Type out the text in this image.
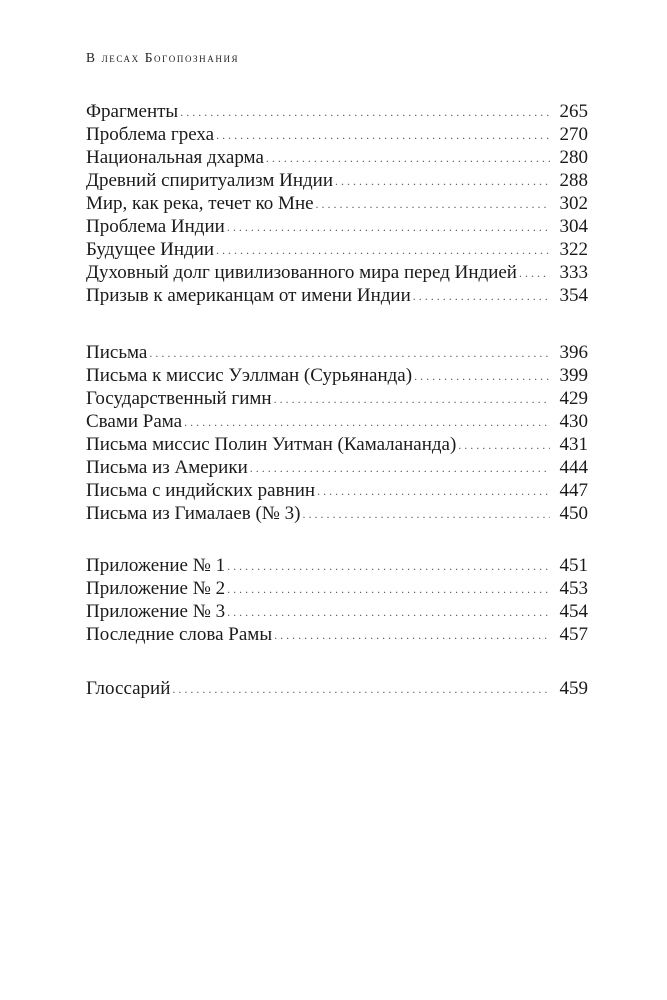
В лесах Богопознания
Фрагменты . . .	265
Проблема греха . . .	270
Национальная дхарма . . .	280
Древний спиритуализм Индии . . .	288
Мир, как река, течет ко Мне . . .	302
Проблема Индии . . .	304
Будущее Индии . . .	322
Духовный долг цивилизованного мира перед Индией . . . 333
Призыв к американцам от имени Индии . . .	354
Письма . . .	396
Письма к миссис Уэллман (Сурьянанда) . . .	399
Государственный гимн . . .	429
Свами Рама . . .	430
Письма миссис Полин Уитман (Камалананда) . . .	431
Письма из Америки . . .	444
Письма с индийских равнин . . .	447
Письма из Гималаев (№ 3) . . .	450
Приложение № 1 . . .	451
Приложение № 2 . . .	453
Приложение № 3 . . .	454
Последние слова Рамы . . .	457
Глоссарий . . .	459
